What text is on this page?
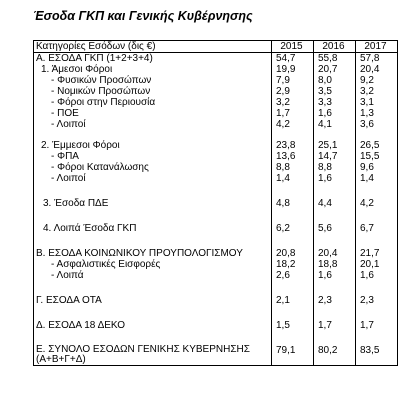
Έσοδα ΓΚΠ και Γενικής Κυβέρνησης
Κατηγορίες Εσόδων (δις €)	2015	2016	2017
Α. ΕΣΟΔΑ ΓΚΠ (1+2+3+4)	54,7	55,8	57,8
1. Άμεσοι Φόροι	19,9	20,7	20,4
- Φυσικών Προσώπων	7,9	8,0	9,2
- Νομικών Προσώπων	2,9	3,5	3,2
- Φόροι στην Περιουσία	3,2	3,3	3,1
- ΠΟΕ	1,7	1,6	1,3
- Λοιποί	4,2	4,1	3,6

2. Έμμεσοι Φόροι	23,8	25,1	26,5
- ΦΠΑ	13,6	14,7	15,5
- Φόροι Κατανάλωσης	8,8	8,8	9,6
- Λοιποί	1,4	1,6	1,4

3. Έσοδα ΠΔΕ	4,8	4,4	4,2

4. Λοιπά Έσοδα ΓΚΠ	6,2	5,6	6,7

Β. ΕΣΟΔΑ ΚΟΙΝΩΝΙΚΟΥ ΠΡΟΥΠΟΛΟΓΙΣΜΟΥ	20,8	20,4	21,7
- Ασφαλιστικές Εισφορές	18,2	18,8	20,1
- Λοιπά	2,6	1,6	1,6

Γ. ΕΣΟΔΑ ΟΤΑ	2,1	2,3	2,3

Δ. ΕΣΟΔΑ 18 ΔΕΚΟ	1,5	1,7	1,7

Ε. ΣΥΝΟΛΟ ΕΣΟΔΩΝ ΓΕΝΙΚΗΣ ΚΥΒΕΡΝΗΣΗΣ (Α+Β+Γ+Δ)	79,1	80,2	83,5
